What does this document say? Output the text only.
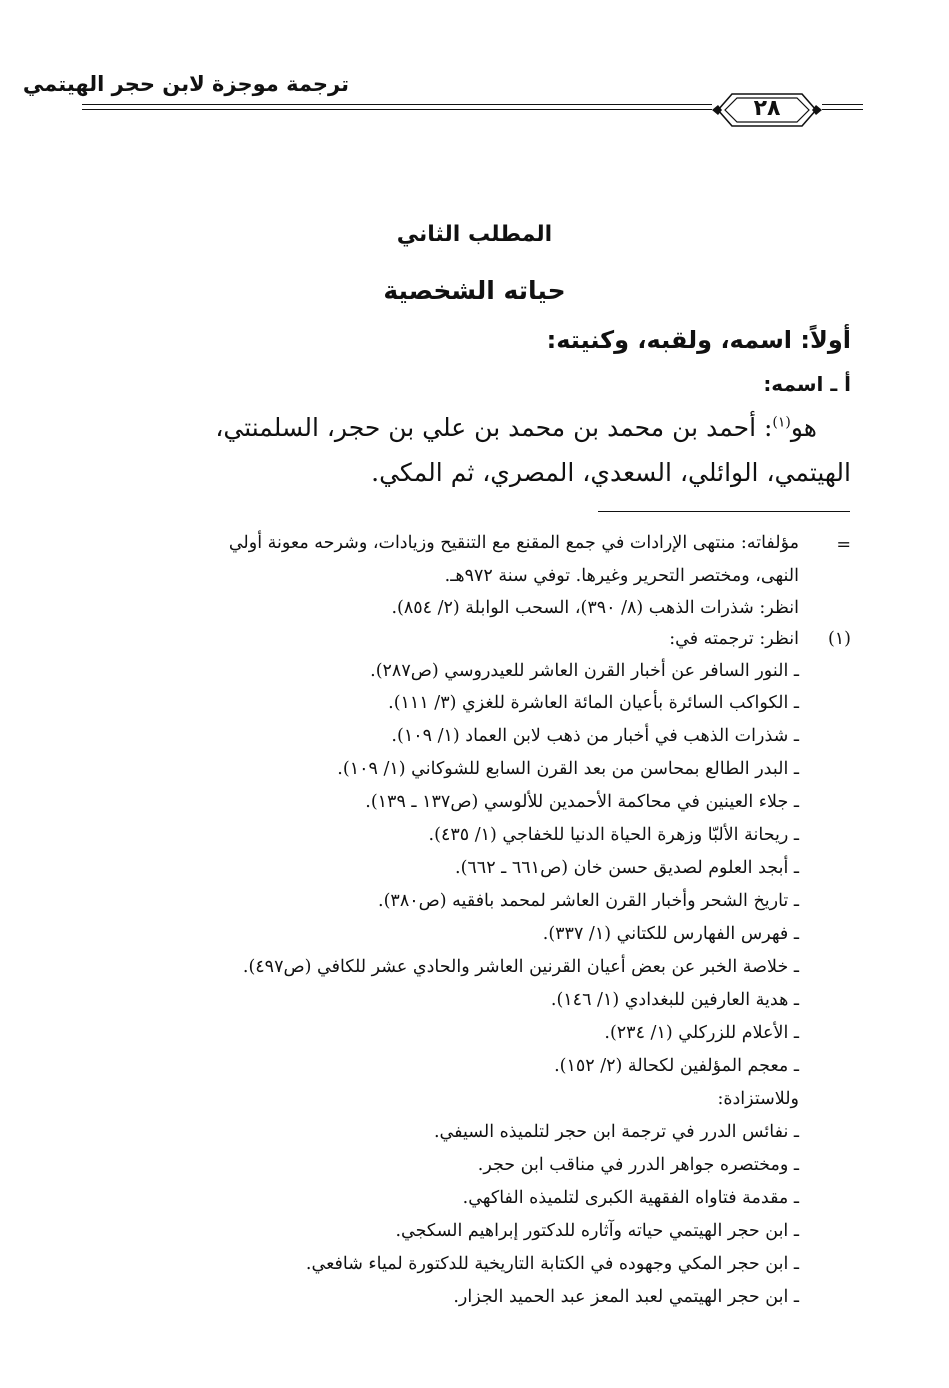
ترجمة موجزة لابن حجر الهيتمي
٢٨
المطلب الثاني
حياته الشخصية
أولاً: اسمه، ولقبه، وكنيته:
أ ـ اسمه:
هو$^{(١)}$: أحمد بن محمد بن محمد بن علي بن حجر، السلمنتي،
الهيتمي، الوائلي، السعدي، المصري، ثم المكي.
=
مؤلفاته: منتهى الإرادات في جمع المقنع مع التنقيح وزيادات، وشرحه معونة أولي
النهى، ومختصر التحرير وغيرها. توفي سنة ٩٧٢هـ.
انظر: شذرات الذهب (٨/ ٣٩٠)، السحب الوابلة (٢/ ٨٥٤).
(١)
انظر: ترجمته في:
ـ النور السافر عن أخبار القرن العاشر للعيدروسي (ص٢٨٧).
ـ الكواكب السائرة بأعيان المائة العاشرة للغزي (٣/ ١١١).
ـ شذرات الذهب في أخبار من ذهب لابن العماد (١/ ١٠٩).
ـ البدر الطالع بمحاسن من بعد القرن السابع للشوكاني (١/ ١٠٩).
ـ جلاء العينين في محاكمة الأحمدين للألوسي (ص١٣٧ ـ ١٣٩).
ـ ريحانة الألبّا وزهرة الحياة الدنيا للخفاجي (١/ ٤٣٥).
ـ أبجد العلوم لصديق حسن خان (ص٦٦١ ـ ٦٦٢).
ـ تاريخ الشحر وأخبار القرن العاشر لمحمد بافقيه (ص٣٨٠).
ـ فهرس الفهارس للكتاني (١/ ٣٣٧).
ـ خلاصة الخبر عن بعض أعيان القرنين العاشر والحادي عشر للكافي (ص٤٩٧).
ـ هدية العارفين للبغدادي (١/ ١٤٦).
ـ الأعلام للزركلي (١/ ٢٣٤).
ـ معجم المؤلفين لكحالة (٢/ ١٥٢).
وللاستزادة:
ـ نفائس الدرر في ترجمة ابن حجر لتلميذه السيفي.
ـ ومختصره جواهر الدرر في مناقب ابن حجر.
ـ مقدمة فتاواه الفقهية الكبرى لتلميذه الفاكهي.
ـ ابن حجر الهيتمي حياته وآثاره للدكتور إبراهيم السكجي.
ـ ابن حجر المكي وجهوده في الكتابة التاريخية للدكتورة لمياء شافعي.
ـ ابن حجر الهيتمي لعبد المعز عبد الحميد الجزار.
